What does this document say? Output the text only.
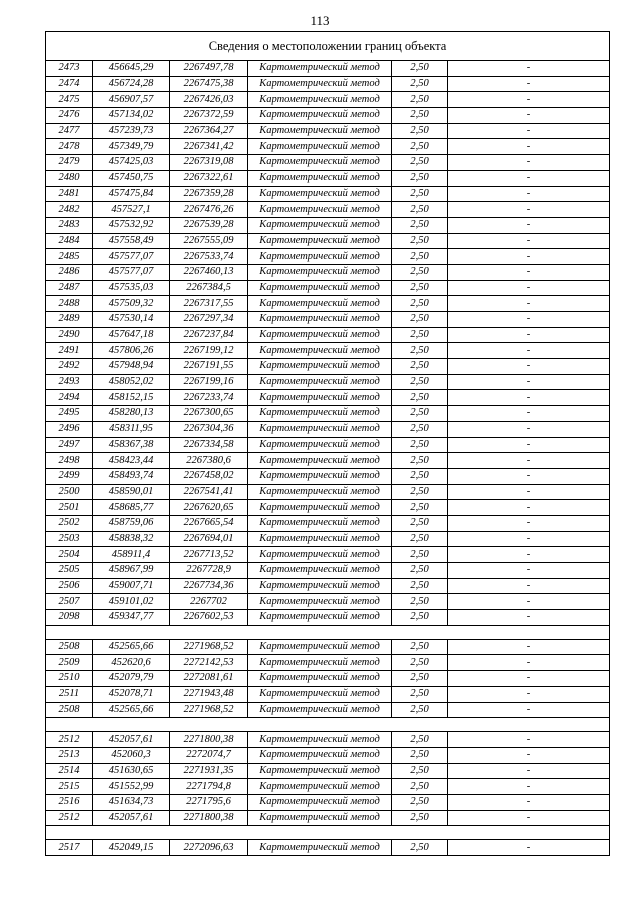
113
Сведения о местоположении границ объекта					
2473	456645,29	2267497,78	Картометрический метод	2,50	-
2474	456724,28	2267475,38	Картометрический метод	2,50	-
2475	456907,57	2267426,03	Картометрический метод	2,50	-
2476	457134,02	2267372,59	Картометрический метод	2,50	-
2477	457239,73	2267364,27	Картометрический метод	2,50	-
2478	457349,79	2267341,42	Картометрический метод	2,50	-
2479	457425,03	2267319,08	Картометрический метод	2,50	-
2480	457450,75	2267322,61	Картометрический метод	2,50	-
2481	457475,84	2267359,28	Картометрический метод	2,50	-
2482	457527,1	2267476,26	Картометрический метод	2,50	-
2483	457532,92	2267539,28	Картометрический метод	2,50	-
2484	457558,49	2267555,09	Картометрический метод	2,50	-
2485	457577,07	2267533,74	Картометрический метод	2,50	-
2486	457577,07	2267460,13	Картометрический метод	2,50	-
2487	457535,03	2267384,5	Картометрический метод	2,50	-
2488	457509,32	2267317,55	Картометрический метод	2,50	-
2489	457530,14	2267297,34	Картометрический метод	2,50	-
2490	457647,18	2267237,84	Картометрический метод	2,50	-
2491	457806,26	2267199,12	Картометрический метод	2,50	-
2492	457948,94	2267191,55	Картометрический метод	2,50	-
2493	458052,02	2267199,16	Картометрический метод	2,50	-
2494	458152,15	2267233,74	Картометрический метод	2,50	-
2495	458280,13	2267300,65	Картометрический метод	2,50	-
2496	458311,95	2267304,36	Картометрический метод	2,50	-
2497	458367,38	2267334,58	Картометрический метод	2,50	-
2498	458423,44	2267380,6	Картометрический метод	2,50	-
2499	458493,74	2267458,02	Картометрический метод	2,50	-
2500	458590,01	2267541,41	Картометрический метод	2,50	-
2501	458685,77	2267620,65	Картометрический метод	2,50	-
2502	458759,06	2267665,54	Картометрический метод	2,50	-
2503	458838,32	2267694,01	Картометрический метод	2,50	-
2504	458911,4	2267713,52	Картометрический метод	2,50	-
2505	458967,99	2267728,9	Картометрический метод	2,50	-
2506	459007,71	2267734,36	Картометрический метод	2,50	-
2507	459101,02	2267702	Картометрический метод	2,50	-
2098	459347,77	2267602,53	Картометрический метод	2,50	-

2508	452565,66	2271968,52	Картометрический метод	2,50	-
2509	452620,6	2272142,53	Картометрический метод	2,50	-
2510	452079,79	2272081,61	Картометрический метод	2,50	-
2511	452078,71	2271943,48	Картометрический метод	2,50	-
2508	452565,66	2271968,52	Картометрический метод	2,50	-

2512	452057,61	2271800,38	Картометрический метод	2,50	-
2513	452060,3	2272074,7	Картометрический метод	2,50	-
2514	451630,65	2271931,35	Картометрический метод	2,50	-
2515	451552,99	2271794,8	Картометрический метод	2,50	-
2516	451634,73	2271795,6	Картометрический метод	2,50	-
2512	452057,61	2271800,38	Картометрический метод	2,50	-

2517	452049,15	2272096,63	Картометрический метод	2,50	-
